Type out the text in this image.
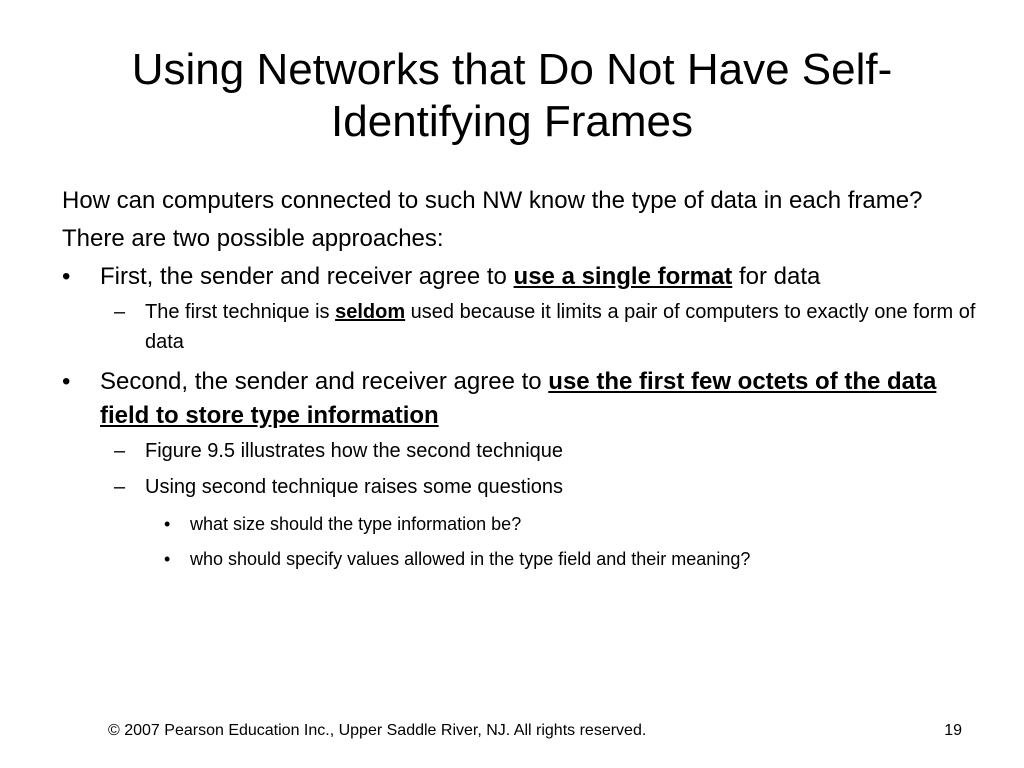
Using Networks that Do Not Have Self-Identifying Frames
How can computers connected to such NW know the type of data in each frame?
There are two possible approaches:
• First, the sender and receiver agree to use a single format for data
– The first technique is seldom used because it limits a pair of computers to exactly one form of data
• Second, the sender and receiver agree to use the first few octets of the data field to store type information
– Figure 9.5 illustrates how the second technique
– Using second technique raises some questions
• what size should the type information be?
• who should specify values allowed in the type field and their meaning?
© 2007 Pearson Education Inc., Upper Saddle River, NJ. All rights reserved.	19
